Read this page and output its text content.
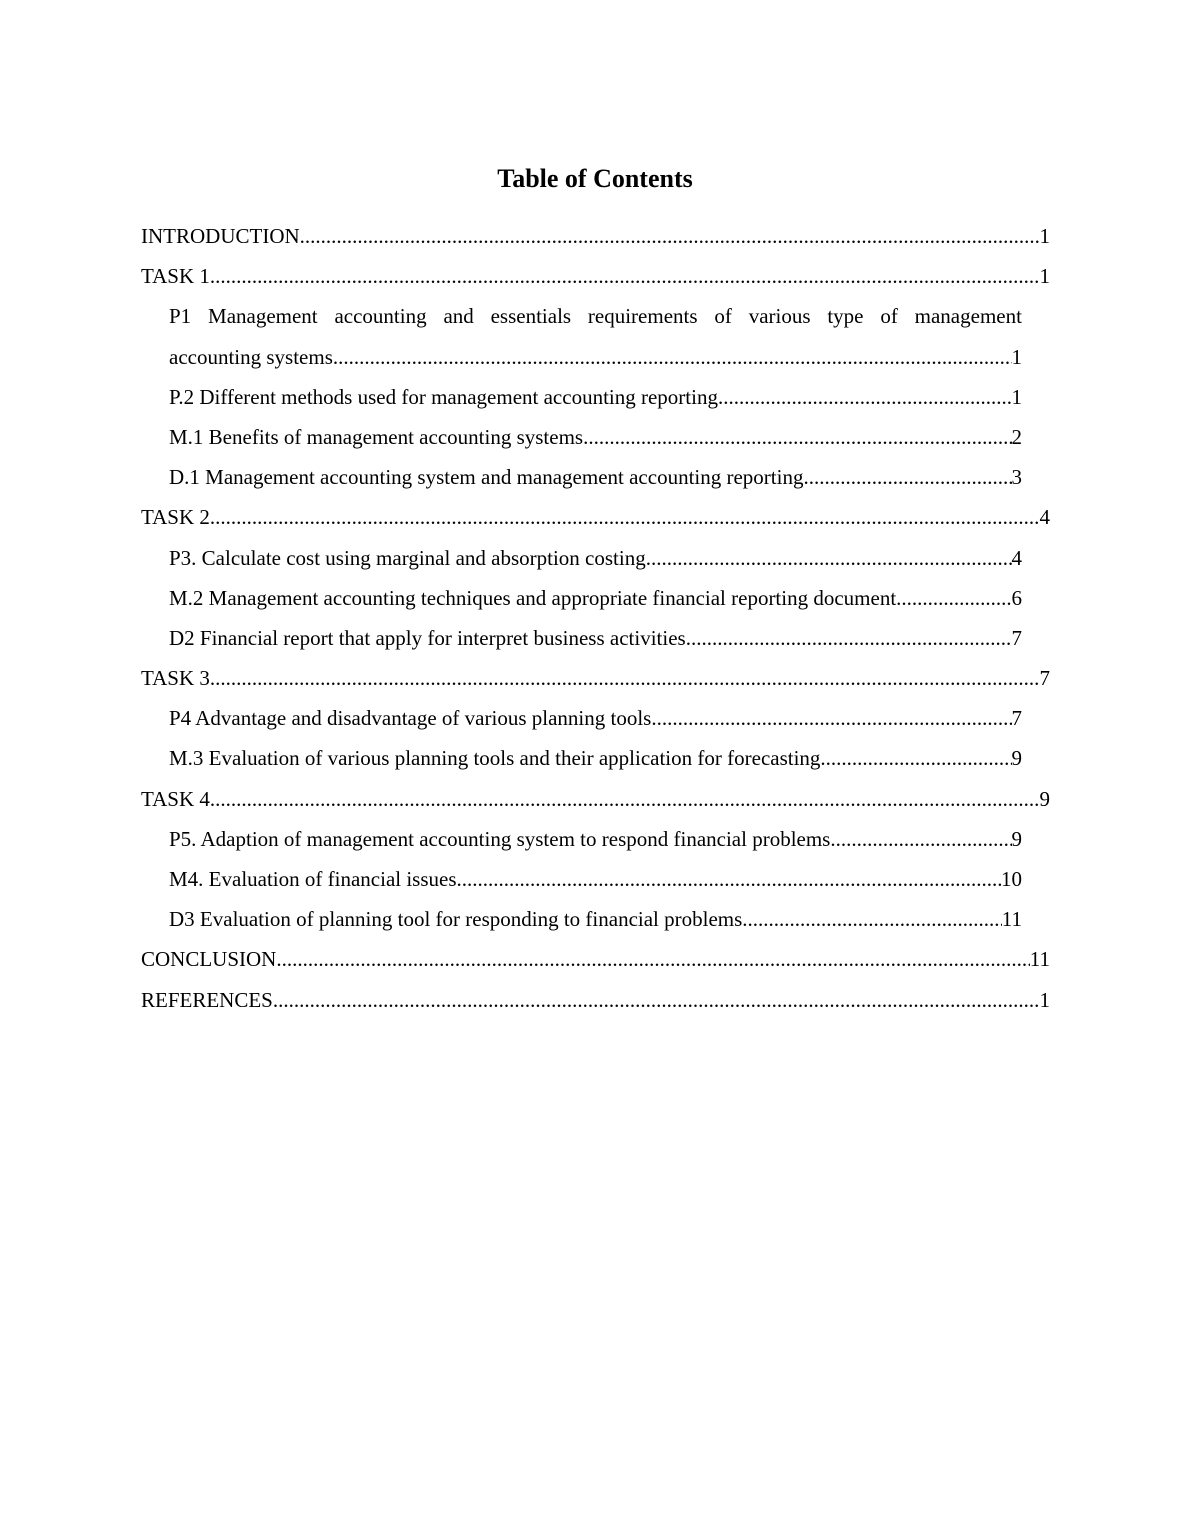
Table of Contents
INTRODUCTION .....	1
TASK 1 .....	1
P1 Management accounting and essentials requirements of various type of management
accounting systems .....	1
P.2 Different methods used for management accounting reporting .....	1
M.1 Benefits of management accounting systems .....	2
D.1 Management accounting system and management accounting reporting .....	3
TASK 2 .....	4
P3. Calculate cost using marginal and absorption costing .....	4
M.2 Management accounting techniques and appropriate financial reporting document .....	6
D2 Financial report that apply for interpret business activities .....	7
TASK 3 .....	7
P4 Advantage and disadvantage of various planning tools .....	7
M.3 Evaluation of various planning tools and their application for forecasting .....	9
TASK 4 .....	9
P5. Adaption of management accounting system to respond financial problems .....	9
M4. Evaluation of financial issues .....	10
D3 Evaluation of planning tool for responding to financial problems .....	11
CONCLUSION .....	11
REFERENCES .....	1
